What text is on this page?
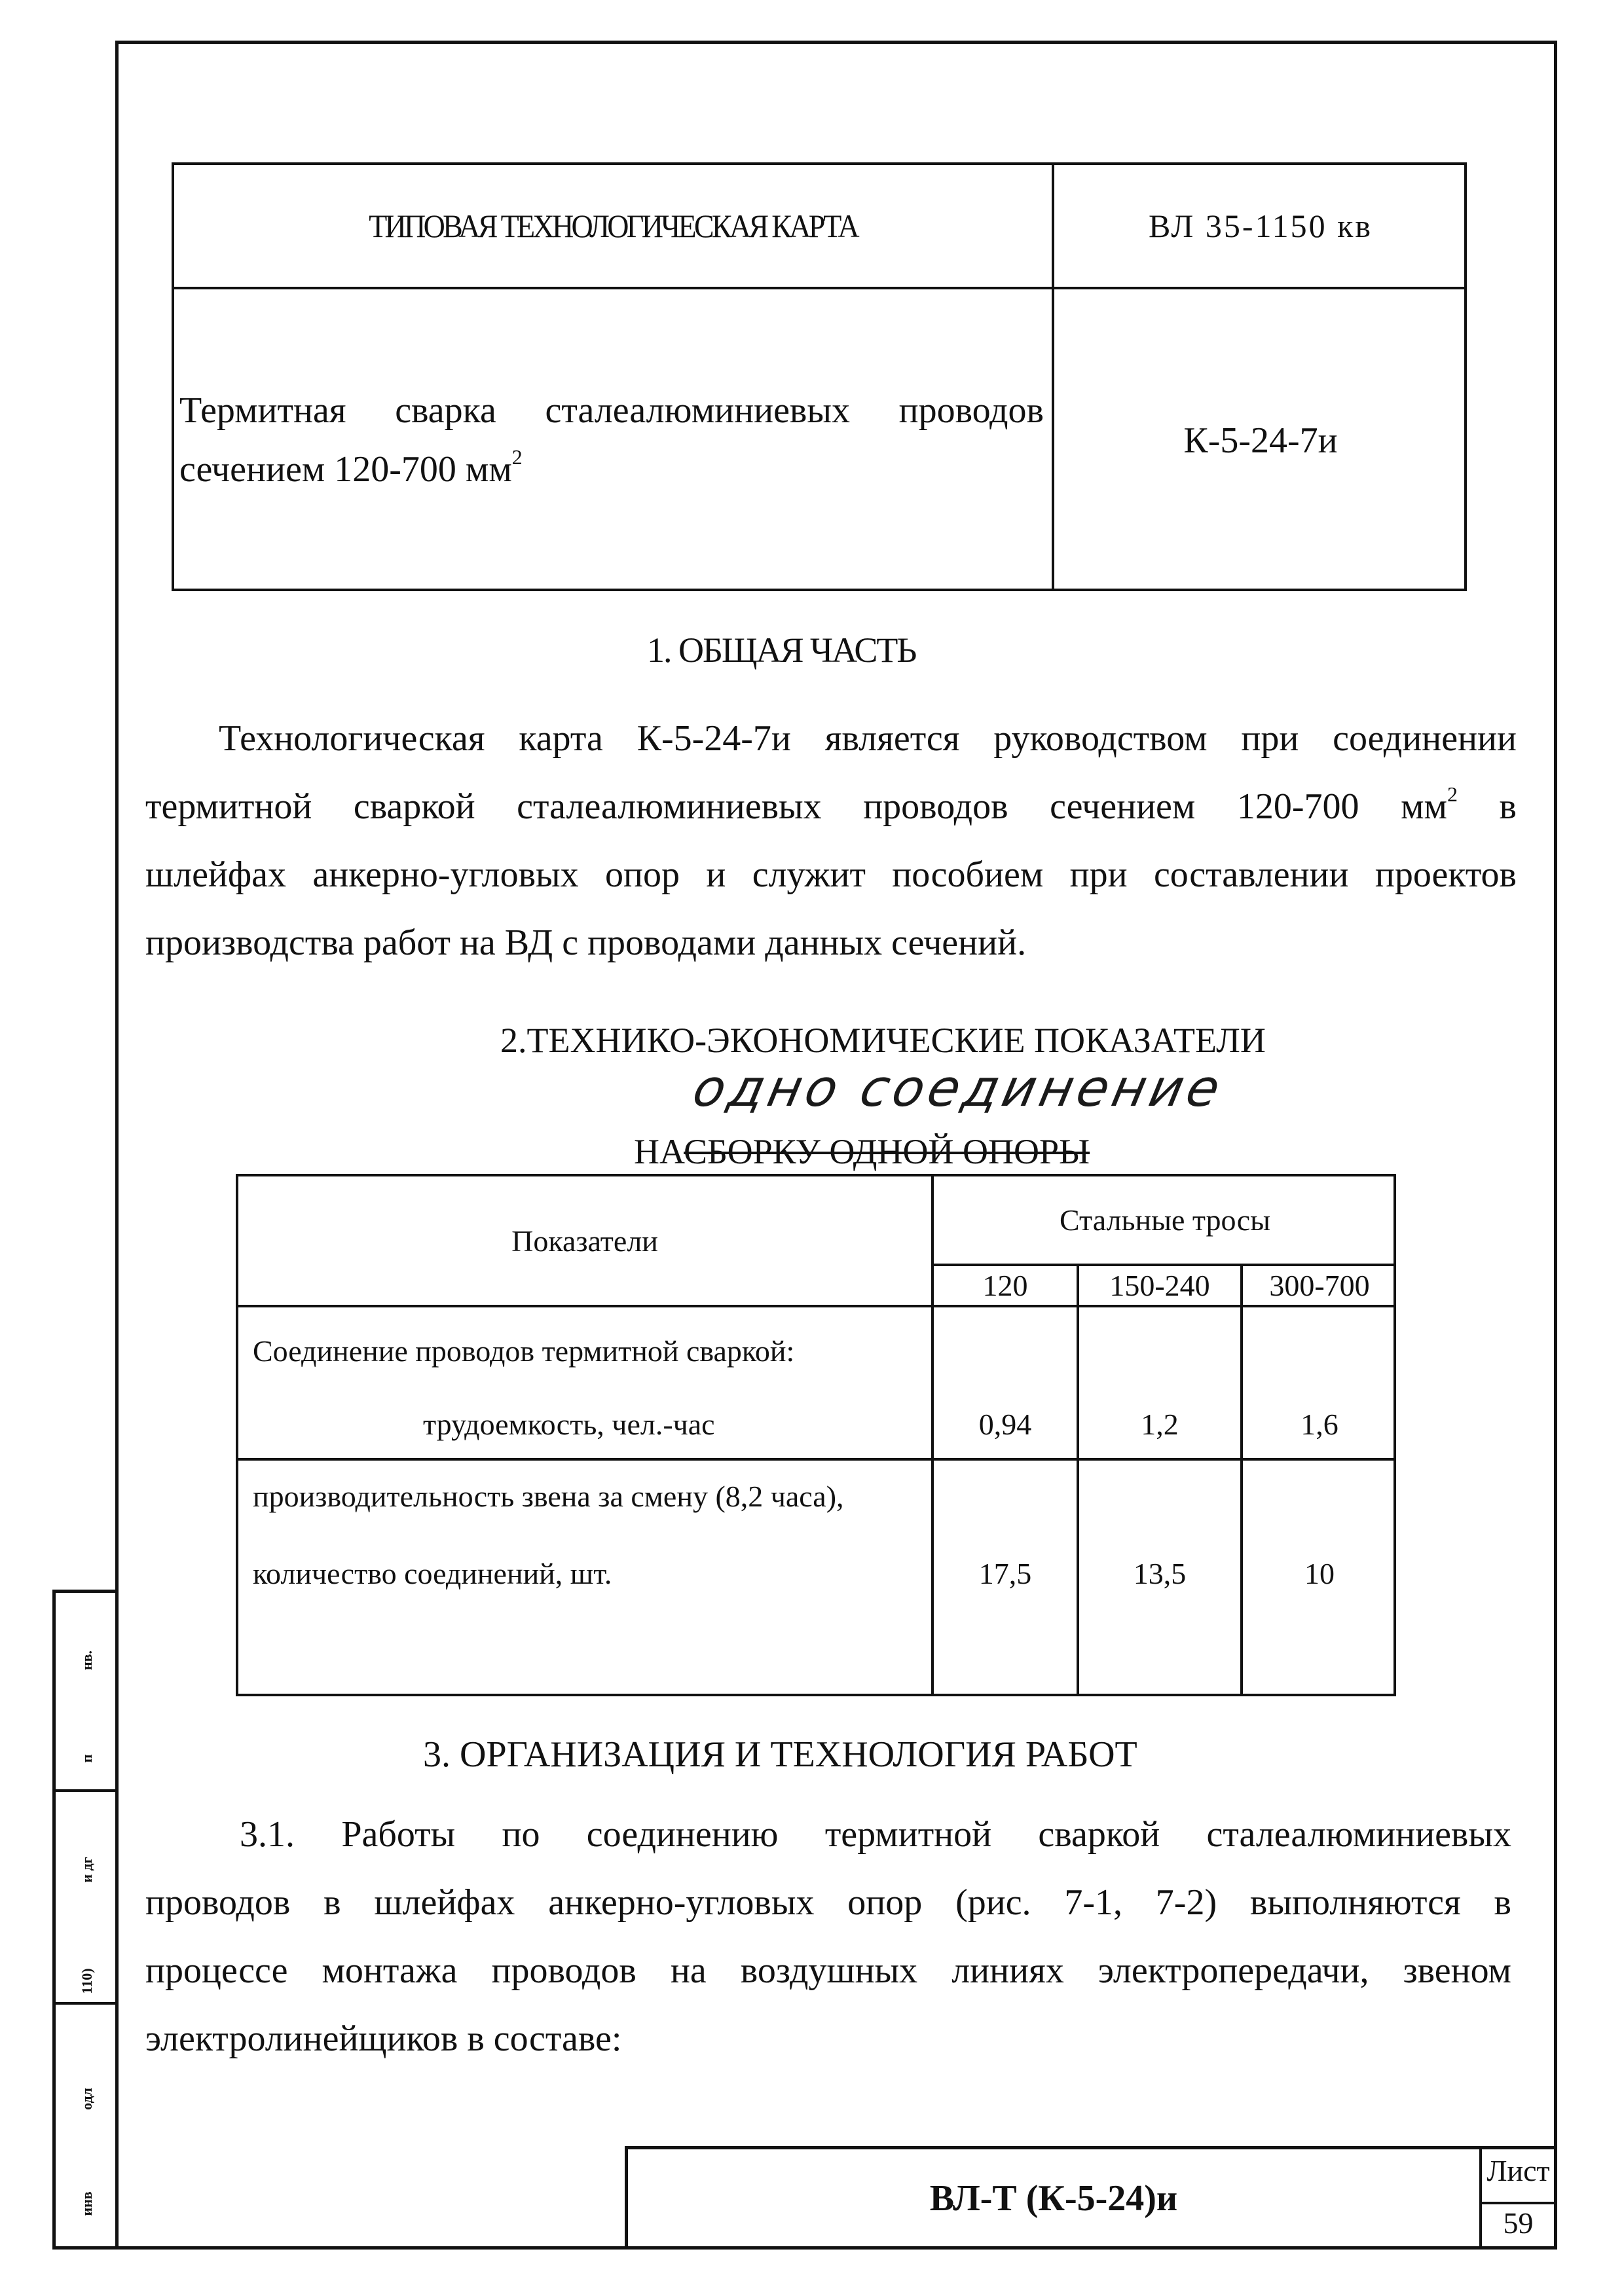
нв.
п
и дг
110)
одл
инв
ТИПОВАЯ ТЕХНОЛОГИЧЕСКАЯ КАРТА	ВЛ 35-1150 кв
Термитная сварка сталеалюминиевых проводов
сечением 120-700 $мм^2$	К-5-24-7и
1. ОБЩАЯ ЧАСТЬ
Технологическая карта К-5-24-7и является руководством при соединении
термитной сваркой сталеалюминиевых проводов сечением 120-700 $мм^2$ в
шлейфах анкерно-угловых опор и служит пособием при составлении проектов
производства работ на ВД с проводами данных сечений.
2.ТЕХНИКО-ЭКОНОМИЧЕСКИЕ ПОКАЗАТЕЛИ
одно соединение
НА
СБОРКУ ОДНОЙ ОПОРЫ
Показатели
Стальные тросы
120	150-240	300-700
Соединение проводов термитной сваркой:
трудоемкость, чел.-час	0,94	1,2	1,6
производительность звена за смену (8,2 часа),
количество соединений, шт.	17,5	13,5	10
3. ОРГАНИЗАЦИЯ И ТЕХНОЛОГИЯ РАБОТ
3.1. Работы по соединению термитной сваркой сталеалюминиевых
проводов в шлейфах анкерно-угловых опор (рис. 7-1, 7-2) выполняются в
процессе монтажа проводов на воздушных линиях электропередачи, звеном
электролинейщиков в составе:
ВЛ-Т (К-5-24)и
Лист
59
